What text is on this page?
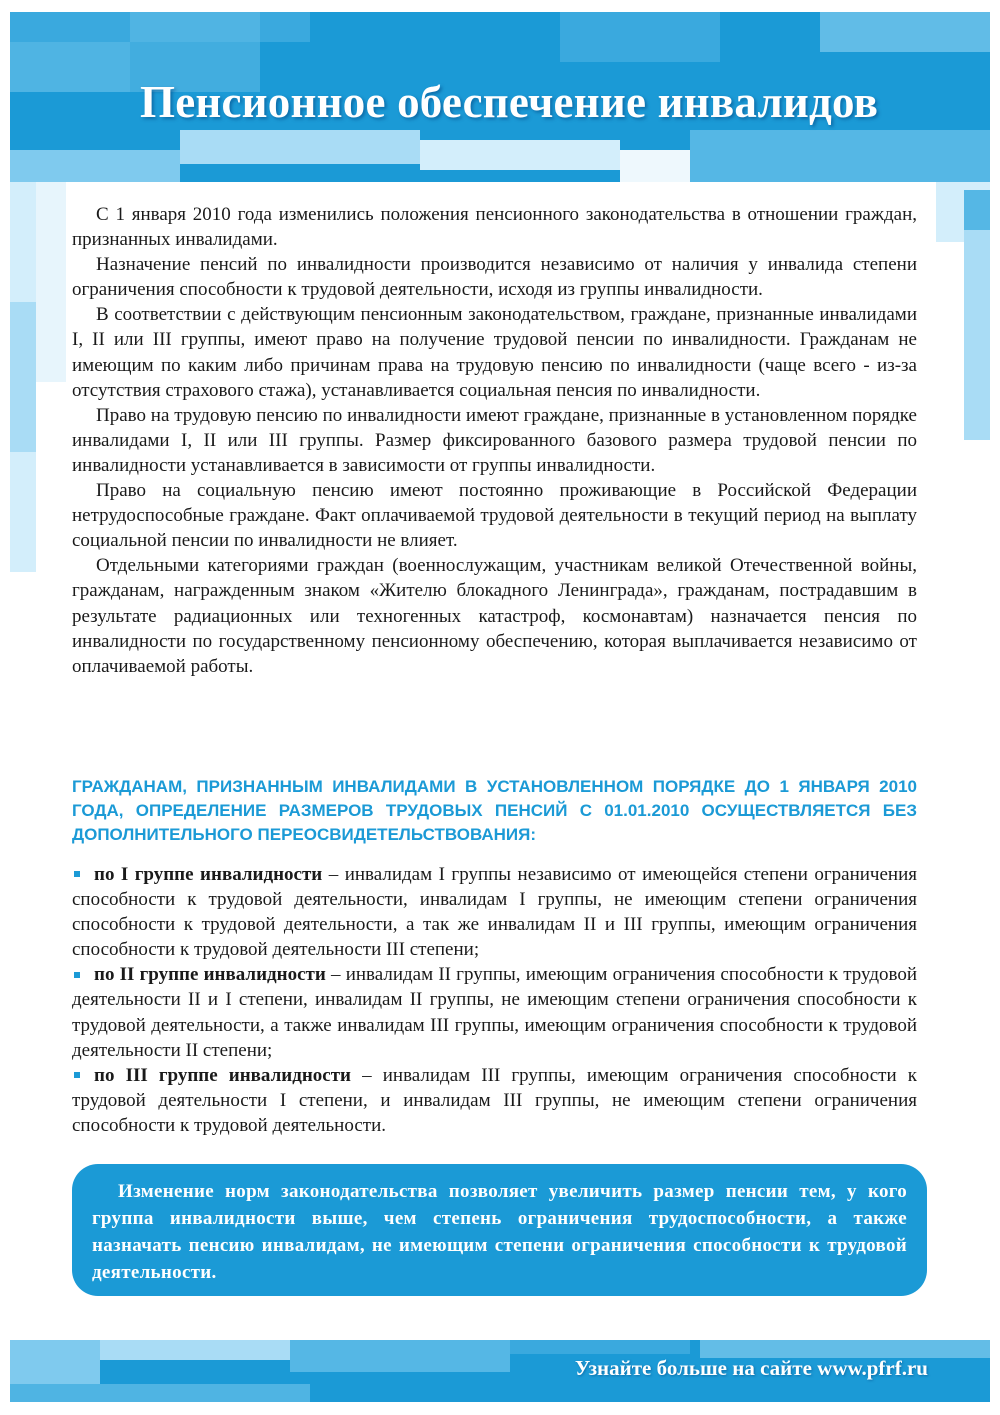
Пенсионное обеспечение инвалидов

С 1 января 2010 года изменились положения пенсионного законодательства в отношении граждан, признанных инвалидами.

Назначение пенсий по инвалидности производится независимо от наличия у инвалида степени ограничения способности к трудовой деятельности, исходя из группы инвалидности.

В соответствии с действующим пенсионным законодательством, граждане, признанные инвалидами I, II или III группы, имеют право на получение трудовой пенсии по инвалидности. Гражданам не имеющим по каким либо причинам права на трудовую пенсию по инвалидности (чаще всего - из-за отсутствия страхового стажа), устанавливается социальная пенсия по инвалидности.

Право на трудовую пенсию по инвалидности имеют граждане, признанные в установленном порядке инвалидами I, II или III группы. Размер фиксированного базового размера трудовой пенсии по инвалидности устанавливается в зависимости от группы инвалидности.

Право на социальную пенсию имеют постоянно проживающие в Российской Федерации нетрудоспособные граждане. Факт оплачиваемой трудовой деятельности в текущий период на выплату социальной пенсии по инвалидности не влияет.

Отдельными категориями граждан (военнослужащим, участникам великой Отечественной войны, гражданам, награжденным знаком «Жителю блокадного Ленинграда», гражданам, пострадавшим в результате радиационных или техногенных катастроф, космонавтам) назначается пенсия по инвалидности по государственному пенсионному обеспечению, которая выплачивается независимо от оплачиваемой работы.

ГРАЖДАНАМ, ПРИЗНАННЫМ ИНВАЛИДАМИ В УСТАНОВЛЕННОМ ПОРЯДКЕ ДО 1 ЯНВАРЯ 2010 ГОДА, ОПРЕДЕЛЕНИЕ РАЗМЕРОВ ТРУДОВЫХ ПЕНСИЙ С 01.01.2010 ОСУЩЕСТВЛЯЕТСЯ БЕЗ ДОПОЛНИТЕЛЬНОГО ПЕРЕОСВИДЕТЕЛЬСТВОВАНИЯ:

по I группе инвалидности – инвалидам I группы независимо от имеющейся степени ограничения способности к трудовой деятельности, инвалидам I группы, не имеющим степени ограничения способности к трудовой деятельности, а так же инвалидам II и III группы, имеющим ограничения способности к трудовой деятельности III степени;

по II группе инвалидности – инвалидам II группы, имеющим ограничения способности к трудовой деятельности II и I степени, инвалидам II группы, не имеющим степени ограничения способности к трудовой деятельности, а также инвалидам III группы, имеющим ограничения способности к трудовой деятельности II степени;

по III группе инвалидности – инвалидам III группы, имеющим ограничения способности к трудовой деятельности I степени, и инвалидам III группы, не имеющим степени ограничения способности к трудовой деятельности.

Изменение норм законодательства позволяет увеличить размер пенсии тем, у кого группа инвалидности выше, чем степень ограничения трудоспособности, а также назначать пенсию инвалидам, не имеющим степени ограничения способности к трудовой деятельности.
Узнайте больше на сайте www.pfrf.ru
